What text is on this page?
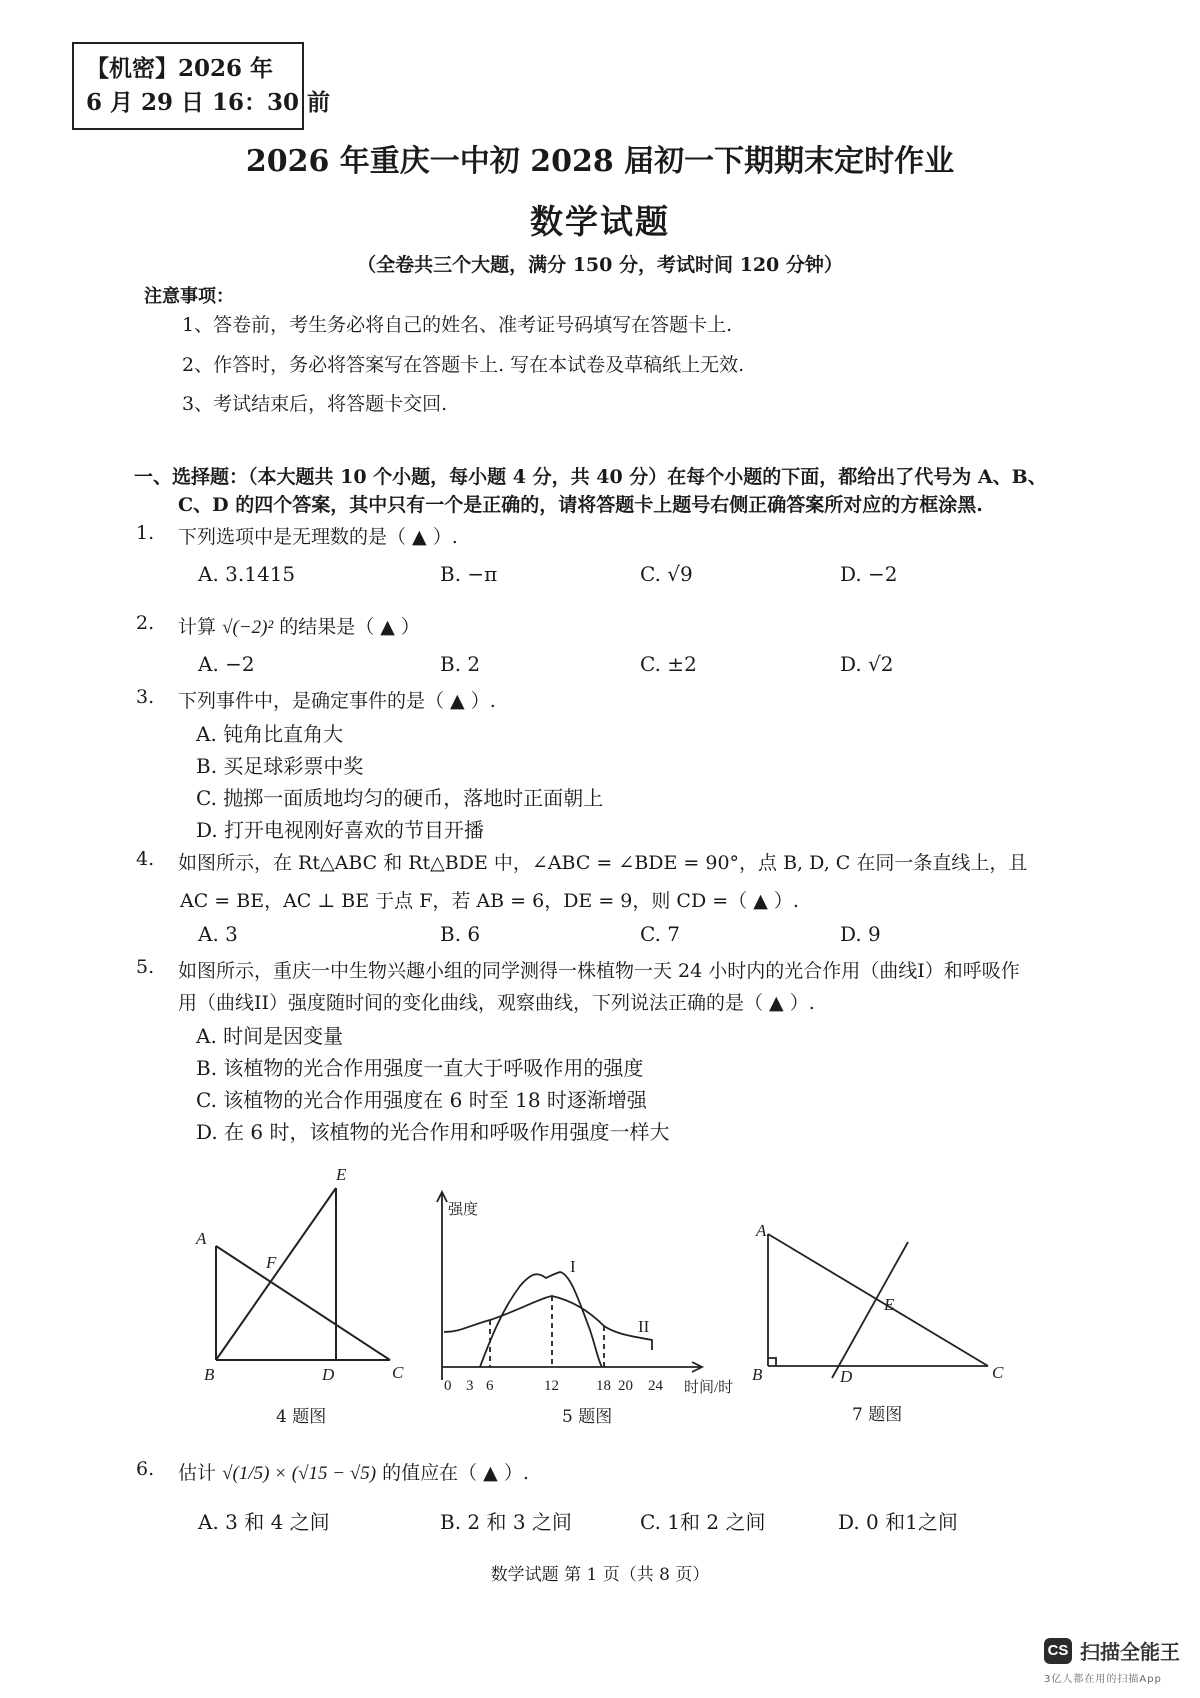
【机密】2026 年
6 月 29 日 16：30 前
2026 年重庆一中初 2028 届初一下期期末定时作业
数学试题
（全卷共三个大题，满分 150 分，考试时间 120 分钟）
注意事项：
1、答卷前，考生务必将自己的姓名、准考证号码填写在答题卡上.
2、作答时，务必将答案写在答题卡上. 写在本试卷及草稿纸上无效.
3、考试结束后，将答题卡交回.
一、选择题：（本大题共 10 个小题，每小题 4 分，共 40 分）在每个小题的下面，都给出了代号为 A、B、
C、D 的四个答案，其中只有一个是正确的，请将答题卡上题号右侧正确答案所对应的方框涂黑.
1. 下列选项中是无理数的是（ ▲ ）.
A. 3.1415	B. −π	C. √9	D. −2
2. 计算 √(−2)² 的结果是（ ▲ ）
A. −2	B. 2	C. ±2	D. √2
3. 下列事件中，是确定事件的是（ ▲ ）.
A. 钝角比直角大
B. 买足球彩票中奖
C. 抛掷一面质地均匀的硬币，落地时正面朝上
D. 打开电视刚好喜欢的节目开播
4. 如图所示，在 Rt△ABC 和 Rt△BDE 中，∠ABC = ∠BDE = 90°，点 B, D, C 在同一条直线上，且
AC = BE，AC ⊥ BE 于点 F，若 AB = 6，DE = 9，则 CD =（ ▲ ）.
A. 3	B. 6	C. 7	D. 9
5. 如图所示，重庆一中生物兴趣小组的同学测得一株植物一天 24 小时内的光合作用（曲线I）和呼吸作
用（曲线II）强度随时间的变化曲线，观察曲线，下列说法正确的是（ ▲ ）.
A. 时间是因变量
B. 该植物的光合作用强度一直大于呼吸作用的强度
C. 该植物的光合作用强度在 6 时至 18 时逐渐增强
D. 在 6 时，该植物的光合作用和呼吸作用强度一样大
E
A
F
B	D	C
4 题图
强度
I
II
0 3 6	12 18 20 24 时间/时
5 题图
A
E
B	D	C
7 题图
6. 估计 √(1/5) × (√15 − √5) 的值应在（ ▲ ）.
A. 3 和 4 之间	B. 2 和 3 之间	C. 1和 2 之间	D. 0 和1之间
数学试题 第 1 页（共 8 页）
CS 扫描全能王
3亿人都在用的扫描App
